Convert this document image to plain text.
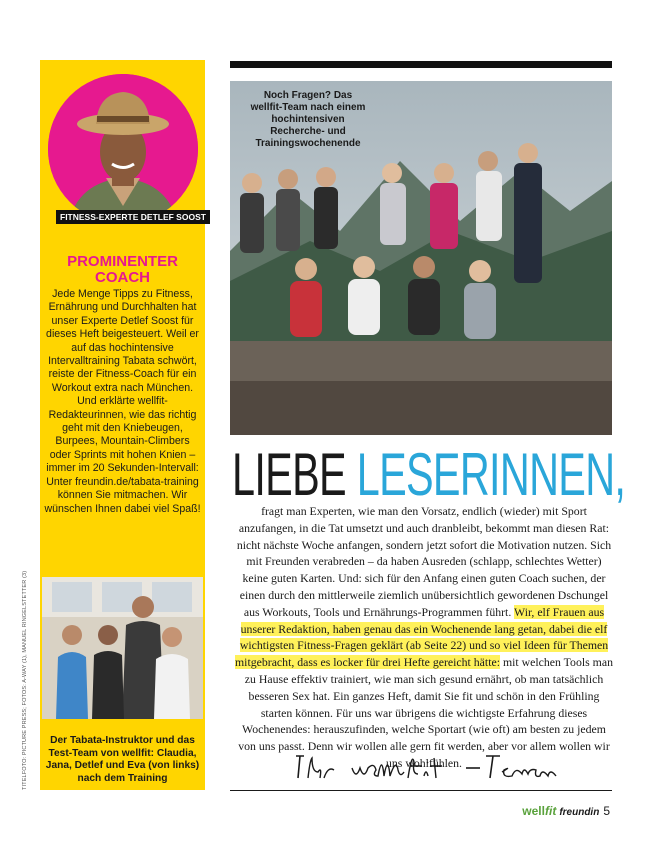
FITNESS-EXPERTE DETLEF SOOST
PROMINENTER COACH

Jede Menge Tipps zu Fitness, Ernährung und Durchhalten hat unser Experte Detlef Soost für dieses Heft beigesteuert. Weil er auf das hochintensive Intervalltraining Tabata schwört, reiste der Fitness-Coach für ein Workout extra nach München. Und erklärte wellfit-Redakteurinnen, wie das richtig geht mit den Kniebeugen, Burpees, Mountain-Climbers oder Sprints mit hohen Knien – immer im 20 Sekunden-Intervall: Unter freundin.de/tabata-training können Sie mitmachen. Wir wünschen Ihnen dabei viel Spaß!

Der Tabata-Instruktor und das Test-Team von wellfit: Claudia, Jana, Detlef und Eva (von links) nach dem Training

TITELFOTO: PICTURE PRESS; FOTOS: A-WAY (1), MANUEL RINGELSTETTER (3)

Noch Fragen? Das wellfit-Team nach einem hochintensiven Recherche- und Trainingswochenende

LIEBE LESERINNEN,

fragt man Experten, wie man den Vorsatz, endlich (wieder) mit Sport anzufangen, in die Tat umsetzt und auch dranbleibt, bekommt man diesen Rat: nicht nächste Woche anfangen, sondern jetzt sofort die Motivation nutzen. Sich mit Freunden verabreden – da haben Ausreden (schlapp, schlechtes Wetter) keine guten Karten. Und: sich für den Anfang einen guten Coach suchen, der einen durch den mittlerweile ziemlich unübersichtlich gewordenen Dschungel aus Workouts, Tools und Ernährungs-Programmen führt. Wir, elf Frauen aus unserer Redaktion, haben genau das ein Wochenende lang getan, dabei die elf wichtigsten Fitness-Fragen geklärt (ab Seite 22) und so viel Ideen für Themen mitgebracht, dass es locker für drei Hefte gereicht hätte: mit welchen Tools man zu Hause effektiv trainiert, wie man sich gesund ernährt, ob man tatsächlich besseren Sex hat. Ein ganzes Heft, damit Sie fit und schön in den Frühling starten können. Für uns war übrigens die wichtigste Erfahrung dieses Wochenendes: herauszufinden, welche Sportart (wie oft) am besten zu jedem von uns passt. Denn wir wollen alle gern fit werden, aber vor allem wollen wir uns wohlfühlen.

wellfit freundin 5
